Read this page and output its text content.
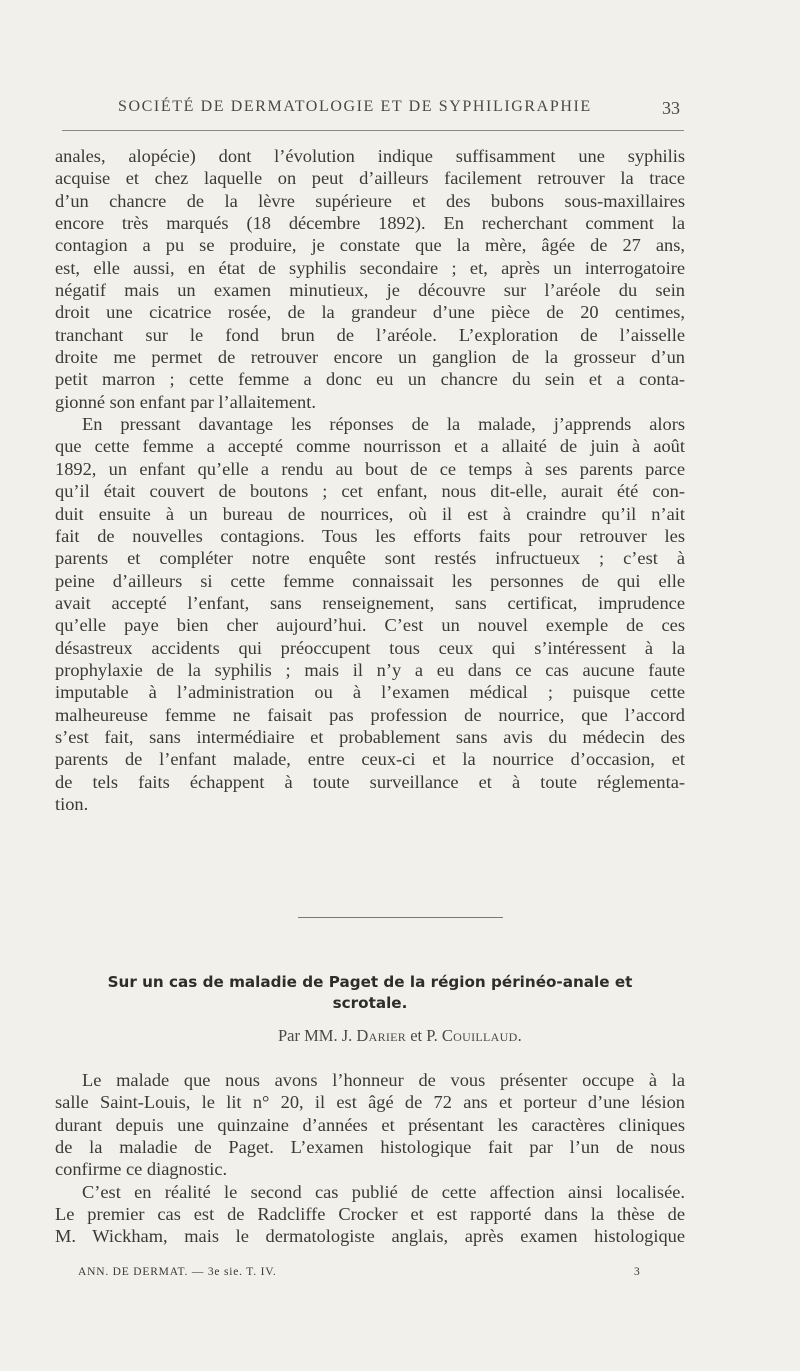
SOCIÉTÉ DE DERMATOLOGIE ET DE SYPHILIGRAPHIE	33
anales, alopécie) dont l’évolution indique suffisamment une syphilis
acquise et chez laquelle on peut d’ailleurs facilement retrouver la trace
d’un chancre de la lèvre supérieure et des bubons sous-maxillaires
encore très marqués (18 décembre 1892). En recherchant comment la
contagion a pu se produire, je constate que la mère, âgée de 27 ans,
est, elle aussi, en état de syphilis secondaire ; et, après un interrogatoire
négatif mais un examen minutieux, je découvre sur l’aréole du sein
droit une cicatrice rosée, de la grandeur d’une pièce de 20 centimes,
tranchant sur le fond brun de l’aréole. L’exploration de l’aisselle
droite me permet de retrouver encore un ganglion de la grosseur d’un
petit marron ; cette femme a donc eu un chancre du sein et a conta-
gionné son enfant par l’allaitement.
En pressant davantage les réponses de la malade, j’apprends alors
que cette femme a accepté comme nourrisson et a allaité de juin à août
1892, un enfant qu’elle a rendu au bout de ce temps à ses parents parce
qu’il était couvert de boutons ; cet enfant, nous dit-elle, aurait été con-
duit ensuite à un bureau de nourrices, où il est à craindre qu’il n’ait
fait de nouvelles contagions. Tous les efforts faits pour retrouver les
parents et compléter notre enquête sont restés infructueux ; c’est à
peine d’ailleurs si cette femme connaissait les personnes de qui elle
avait accepté l’enfant, sans renseignement, sans certificat, imprudence
qu’elle paye bien cher aujourd’hui. C’est un nouvel exemple de ces
désastreux accidents qui préoccupent tous ceux qui s’intéressent à la
prophylaxie de la syphilis ; mais il n’y a eu dans ce cas aucune faute
imputable à l’administration ou à l’examen médical ; puisque cette
malheureuse femme ne faisait pas profession de nourrice, que l’accord
s’est fait, sans intermédiaire et probablement sans avis du médecin des
parents de l’enfant malade, entre ceux-ci et la nourrice d’occasion, et
de tels faits échappent à toute surveillance et à toute réglementa-
tion.
Sur un cas de maladie de Paget de la région périnéo-anale et
scrotale.
Par MM. J. Darier et P. Couillaud.
Le malade que nous avons l’honneur de vous présenter occupe à la
salle Saint-Louis, le lit n° 20, il est âgé de 72 ans et porteur d’une lésion
durant depuis une quinzaine d’années et présentant les caractères cliniques
de la maladie de Paget. L’examen histologique fait par l’un de nous
confirme ce diagnostic.
C’est en réalité le second cas publié de cette affection ainsi localisée.
Le premier cas est de Radcliffe Crocker et est rapporté dans la thèse de
M. Wickham, mais le dermatologiste anglais, après examen histologique
ANN. DE DERMAT. — 3e sie. T. IV.	3
